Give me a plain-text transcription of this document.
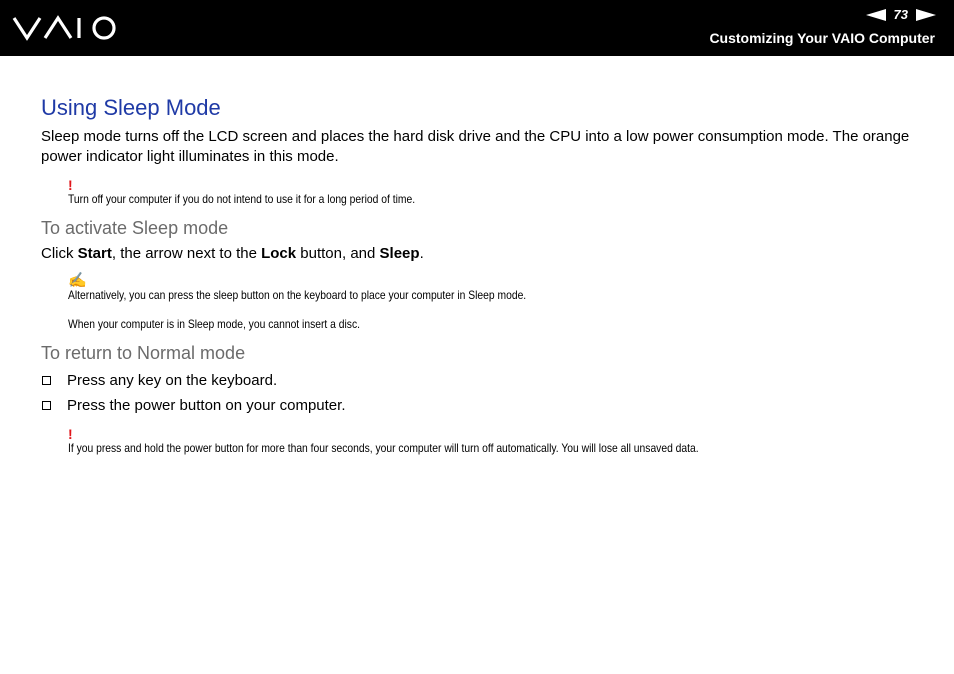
73
Customizing Your VAIO Computer
Using Sleep Mode

Sleep mode turns off the LCD screen and places the hard disk drive and the CPU into a low power consumption mode. The orange power indicator light illuminates in this mode.

!
Turn off your computer if you do not intend to use it for a long period of time.
To activate Sleep mode

Click Start, the arrow next to the Lock button, and Sleep.

✍
Alternatively, you can press the sleep button on the keyboard to place your computer in Sleep mode.
When your computer is in Sleep mode, you cannot insert a disc.
To return to Normal mode
Press any key on the keyboard.
Press the power button on your computer.
!
If you press and hold the power button for more than four seconds, your computer will turn off automatically. You will lose all unsaved data.
